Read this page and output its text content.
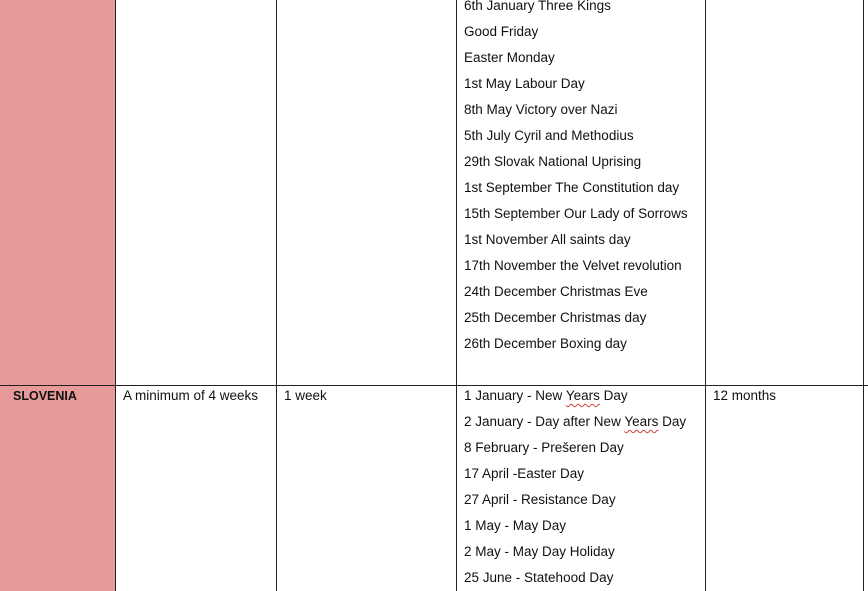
6th January Three Kings
Good Friday
Easter Monday
1st May Labour Day
8th May Victory over Nazi
5th July Cyril and Methodius
29th Slovak National Uprising
1st September The Constitution day
15th September Our Lady of Sorrows
1st November All saints day
17th November the Velvet revolution
24th December Christmas Eve
25th December Christmas day
26th December Boxing day
SLOVENIA	A minimum of 4 weeks 1 week	1 January - New Years Day
2 January - Day after New Years Day
8 February - Prešeren Day
17 April -Easter Day
27 April - Resistance Day
1 May - May Day
2 May - May Day Holiday
25 June - Statehood Day
12 months
